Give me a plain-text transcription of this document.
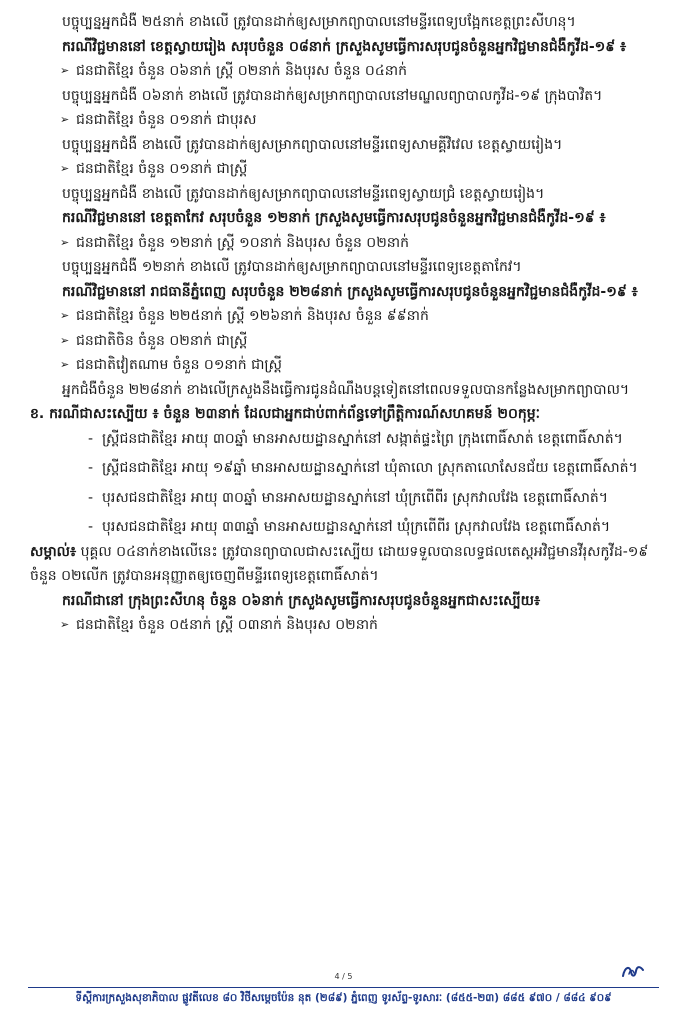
បច្ចុប្បន្នអ្នកជំងឺ ២៥នាក់ ខាងលើ ត្រូវបានដាក់ឲ្យសម្រាកព្យាបាលនៅមន្ទីរពេទ្យបង្អែកខេត្តព្រះសីហនុ។

ករណីវិជ្ជមាននៅ ខេត្តស្វាយរៀង សរុបចំនួន ០៨នាក់ ក្រសួងសូមធ្វើការសរុបជូនចំនួនអ្នកវិជ្ជមានជំងឺកូវីដ-១៩ ៖

➢ ជនជាតិខ្មែរ ចំនួន ០៦នាក់ ស្ត្រី ០២នាក់ និងបុរស ចំនួន ០៤នាក់

បច្ចុប្បន្នអ្នកជំងឺ ០៦នាក់ ខាងលើ ត្រូវបានដាក់ឲ្យសម្រាកព្យាបាលនៅមណ្ឌលព្យាបាលកូវីដ-១៩ ក្រុងបាវិត។

➢ ជនជាតិខ្មែរ ចំនួន ០១នាក់ ជាបុរស

បច្ចុប្បន្នអ្នកជំងឺ ខាងលើ ត្រូវបានដាក់ឲ្យសម្រាកព្យាបាលនៅមន្ទីរពេទ្យសាមគ្គីវិវេល ខេត្តស្វាយរៀង។

➢ ជនជាតិខ្មែរ ចំនួន ០១នាក់ ជាស្ត្រី

បច្ចុប្បន្នអ្នកជំងឺ ខាងលើ ត្រូវបានដាក់ឲ្យសម្រាកព្យាបាលនៅមន្ទីរពេទ្យស្វាយជ្រំ ខេត្តស្វាយរៀង។

ករណីវិជ្ជមាននៅ ខេត្តតាកែវ សរុបចំនួន ១២នាក់ ក្រសួងសូមធ្វើការសរុបជូនចំនួនអ្នកវិជ្ជមានជំងឺកូវីដ-១៩ ៖

➢ ជនជាតិខ្មែរ ចំនួន ១២នាក់ ស្ត្រី ១០នាក់ និងបុរស ចំនួន ០២នាក់

បច្ចុប្បន្នអ្នកជំងឺ ១២នាក់ ខាងលើ ត្រូវបានដាក់ឲ្យសម្រាកព្យាបាលនៅមន្ទីរពេទ្យខេត្តតាកែវ។

ករណីវិជ្ជមាននៅ រាជធានីភ្នំពេញ សរុបចំនួន ២២៨នាក់ ក្រសួងសូមធ្វើការសរុបជូនចំនួនអ្នកវិជ្ជមានជំងឺកូវីដ-១៩ ៖

➢ ជនជាតិខ្មែរ ចំនួន ២២៥នាក់ ស្ត្រី ១២៦នាក់ និងបុរស ចំនួន ៩៩នាក់
➢ ជនជាតិចិន ចំនួន ០២នាក់ ជាស្ត្រី
➢ ជនជាតិវៀតណាម ចំនួន ០១នាក់ ជាស្ត្រី

អ្នកជំងឺចំនួន ២២៨នាក់ ខាងលើក្រសួងនឹងធ្វើការជូនដំណឹងបន្តទៀតនៅពេលទទួលបានកន្លែងសម្រាកព្យាបាល។

ខ. ករណីជាសះស្បើយ ៖ ចំនួន ២៣នាក់ ដែលជាអ្នកជាប់ពាក់ព័ន្ធទៅព្រឹត្តិការណ៍សហគមន៍ ២០កុម្ភៈ

- ស្ត្រីជនជាតិខ្មែរ អាយុ ៣០ឆ្នាំ មានអាសយដ្ឋានស្នាក់នៅ សង្កាត់ផ្ទះព្រៃ ក្រុងពោធិ៍សាត់ ខេត្តពោធិ៍សាត់។
- ស្ត្រីជនជាតិខ្មែរ អាយុ ១៩ឆ្នាំ មានអាសយដ្ឋានស្នាក់នៅ ឃុំតាលោ ស្រុកតាលោសែនជ័យ ខេត្តពោធិ៍សាត់។
- បុរសជនជាតិខ្មែរ អាយុ ៣០ឆ្នាំ មានអាសយដ្ឋានស្នាក់នៅ ឃុំក្រពើពីរ ស្រុកវាលវែង ខេត្តពោធិ៍សាត់។
- បុរសជនជាតិខ្មែរ អាយុ ៣៣ឆ្នាំ មានអាសយដ្ឋានស្នាក់នៅ ឃុំក្រពើពីរ ស្រុកវាលវែង ខេត្តពោធិ៍សាត់។

សម្គាល់៖ បុគ្គល ០៤នាក់ខាងលើនេះ ត្រូវបានព្យាបាលជាសះស្បើយ ដោយទទួលបានលទ្ធផលតេស្តអវិជ្ជមានវីរុសកូវីដ-១៩ ចំនួន ០២លើក ត្រូវបានអនុញ្ញាតឲ្យចេញពីមន្ទីរពេទ្យខេត្តពោធិ៍សាត់។

ករណីជានៅ ក្រុងព្រះសីហនុ ចំនួន ០៦នាក់ ក្រសួងសូមធ្វើការសរុបជូនចំនួនអ្នកជាសះស្បើយ៖

➢ ជនជាតិខ្មែរ ចំនួន ០៥នាក់ ស្ត្រី ០៣នាក់ និងបុរស ០២នាក់
4 / 5
ទីស្តីការក្រសួងសុខាភិបាល ផ្លូវតីលេខ ៨០ វិថីសម្តេចប៉ែន នុត (២៨៩) ភ្នំពេញ ទូរស័ព្ទ-ទូរសារៈ (៨៥៥-២៣) ៨៨៥ ៩៧០ / ៨៨៤ ៩០៩
